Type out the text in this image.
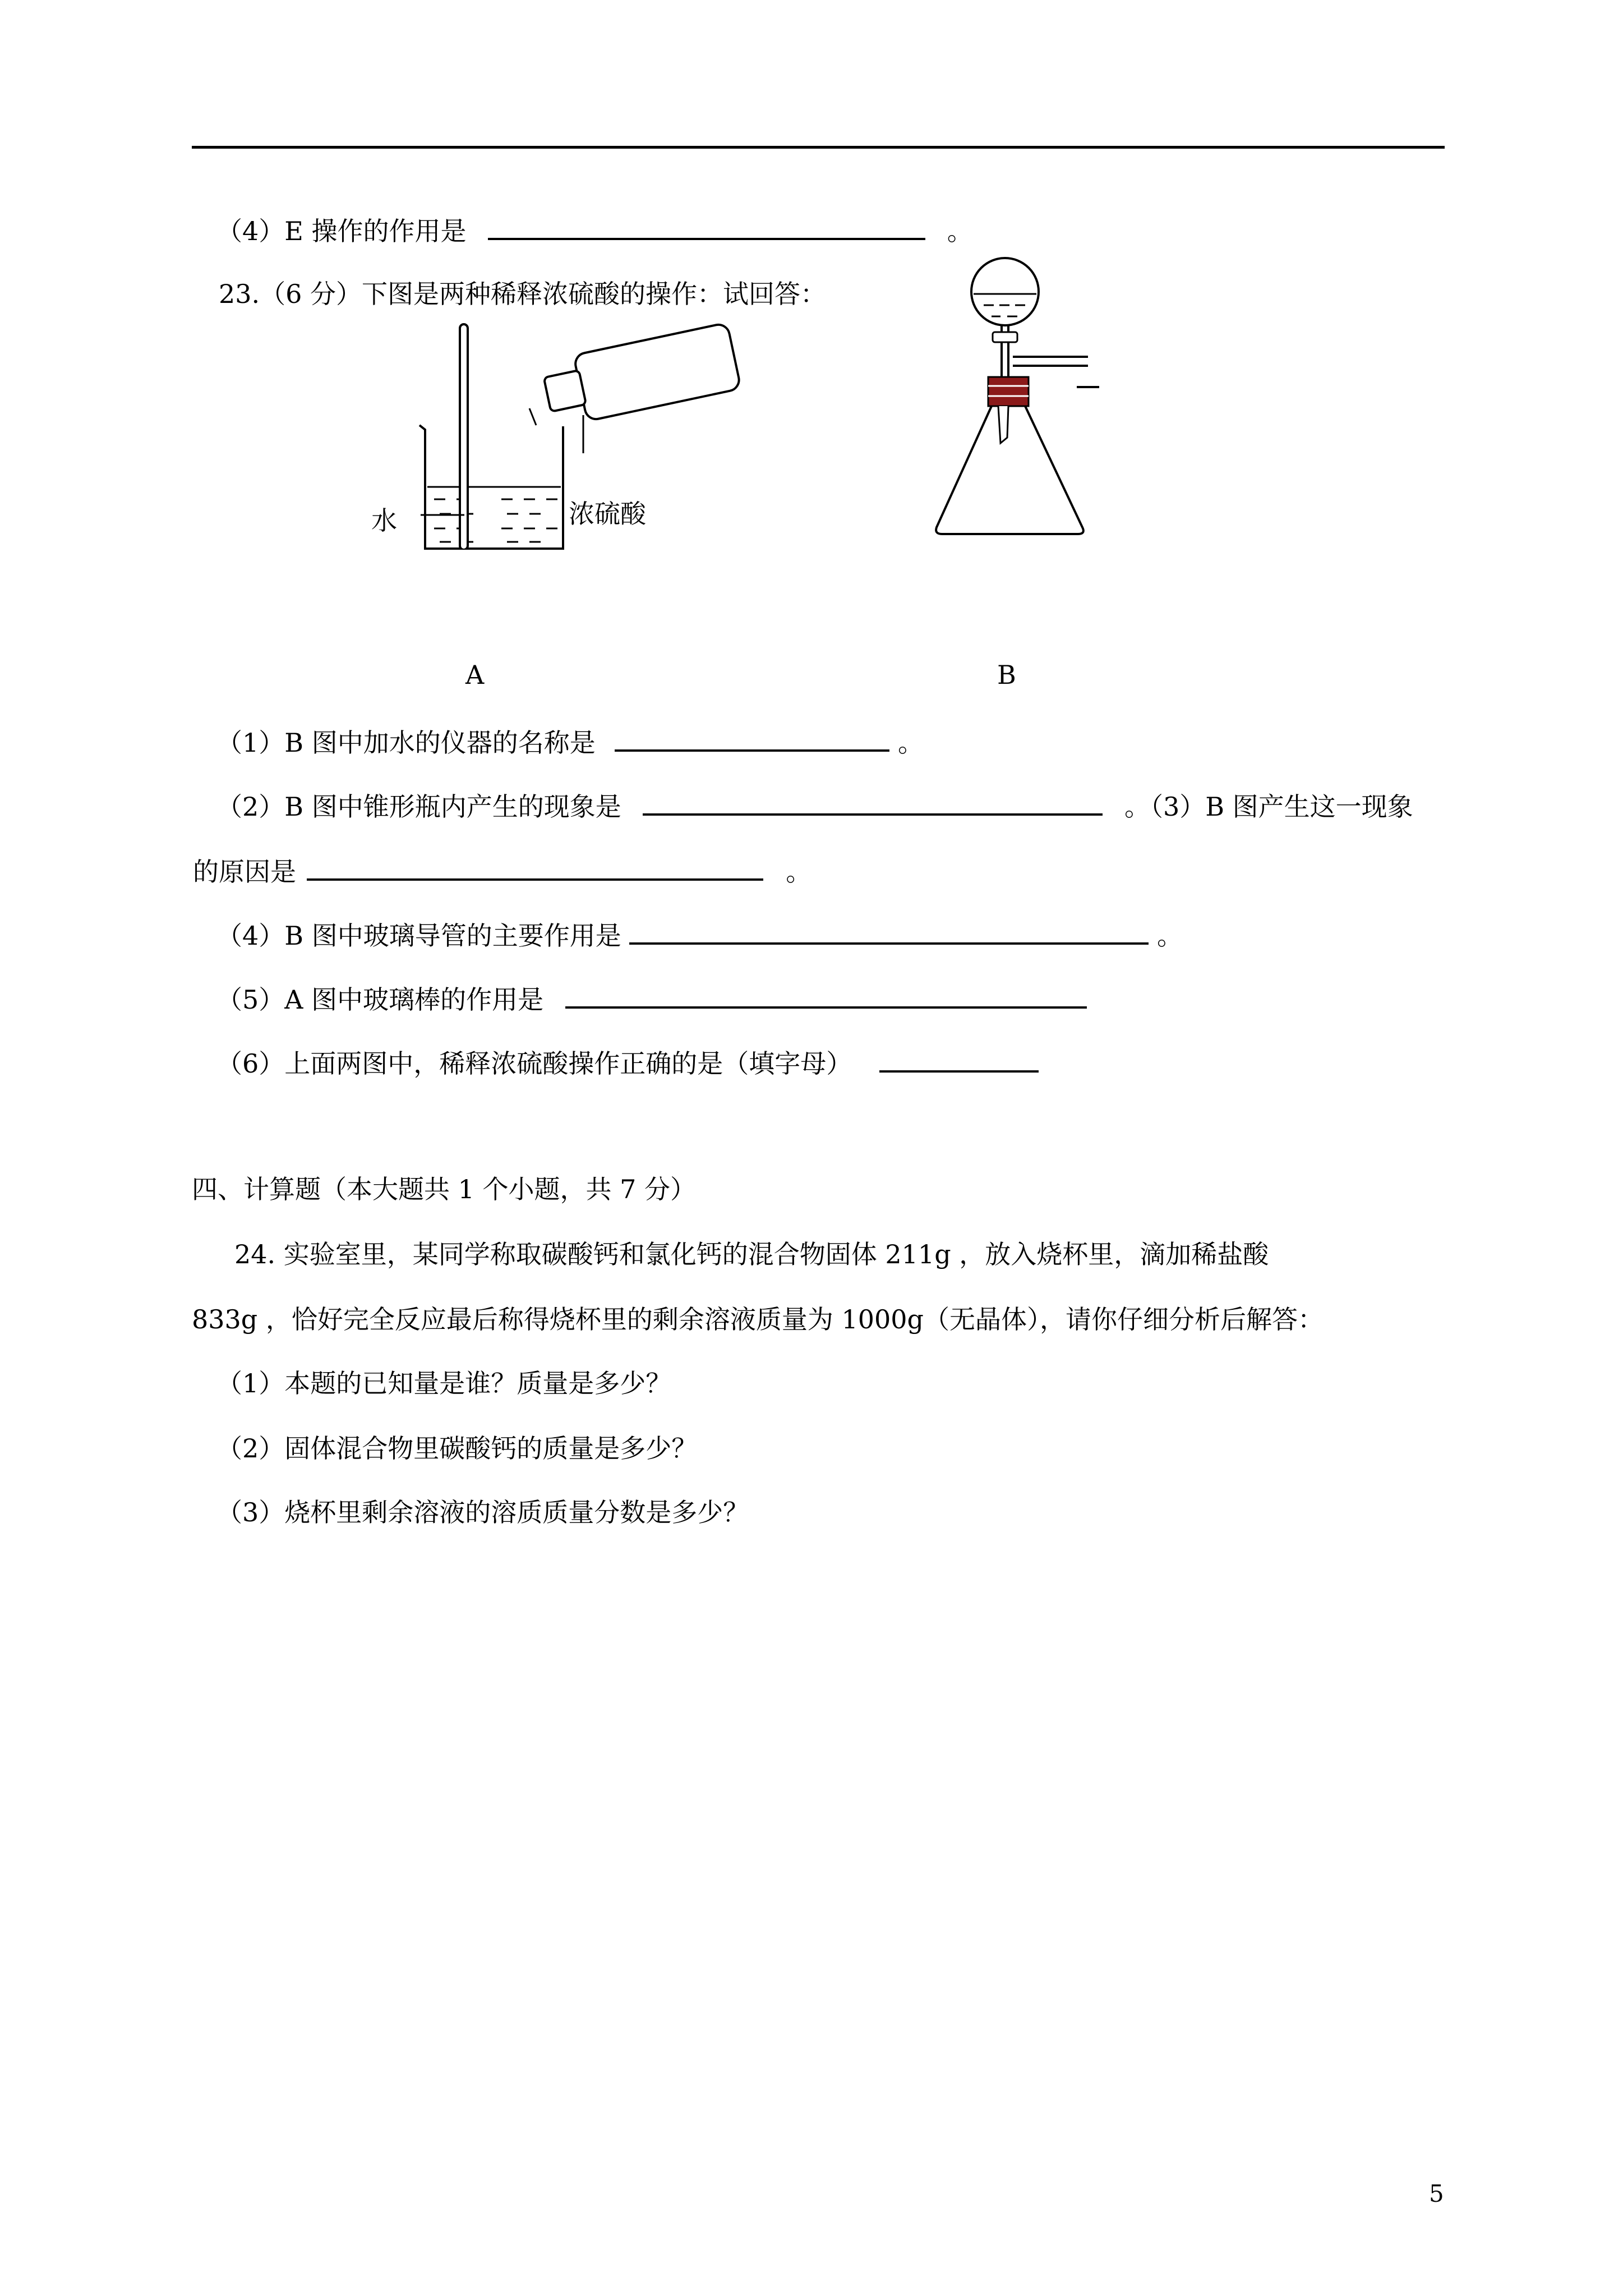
（4）E 操作的作用是	。
23.（6 分）下图是两种稀释浓硫酸的操作：试回答：
水	浓硫酸
A	B
（1）B 图中加水的仪器的名称是	。
（2）B 图中锥形瓶内产生的现象是	。（3）B 图产生这一现象
的原因是	。
（4）B 图中玻璃导管的主要作用是	。
（5）A 图中玻璃棒的作用是
（6）上面两图中，稀释浓硫酸操作正确的是（填字母）
四、计算题（本大题共 1 个小题，共 7 分）
24. 实验室里，某同学称取碳酸钙和氯化钙的混合物固体 211g ，放入烧杯里，滴加稀盐酸
833g ，恰好完全反应最后称得烧杯里的剩余溶液质量为 1000g（无晶体），请你仔细分析后解答：
（1）本题的已知量是谁？质量是多少？
（2）固体混合物里碳酸钙的质量是多少？
（3）烧杯里剩余溶液的溶质质量分数是多少？
5
